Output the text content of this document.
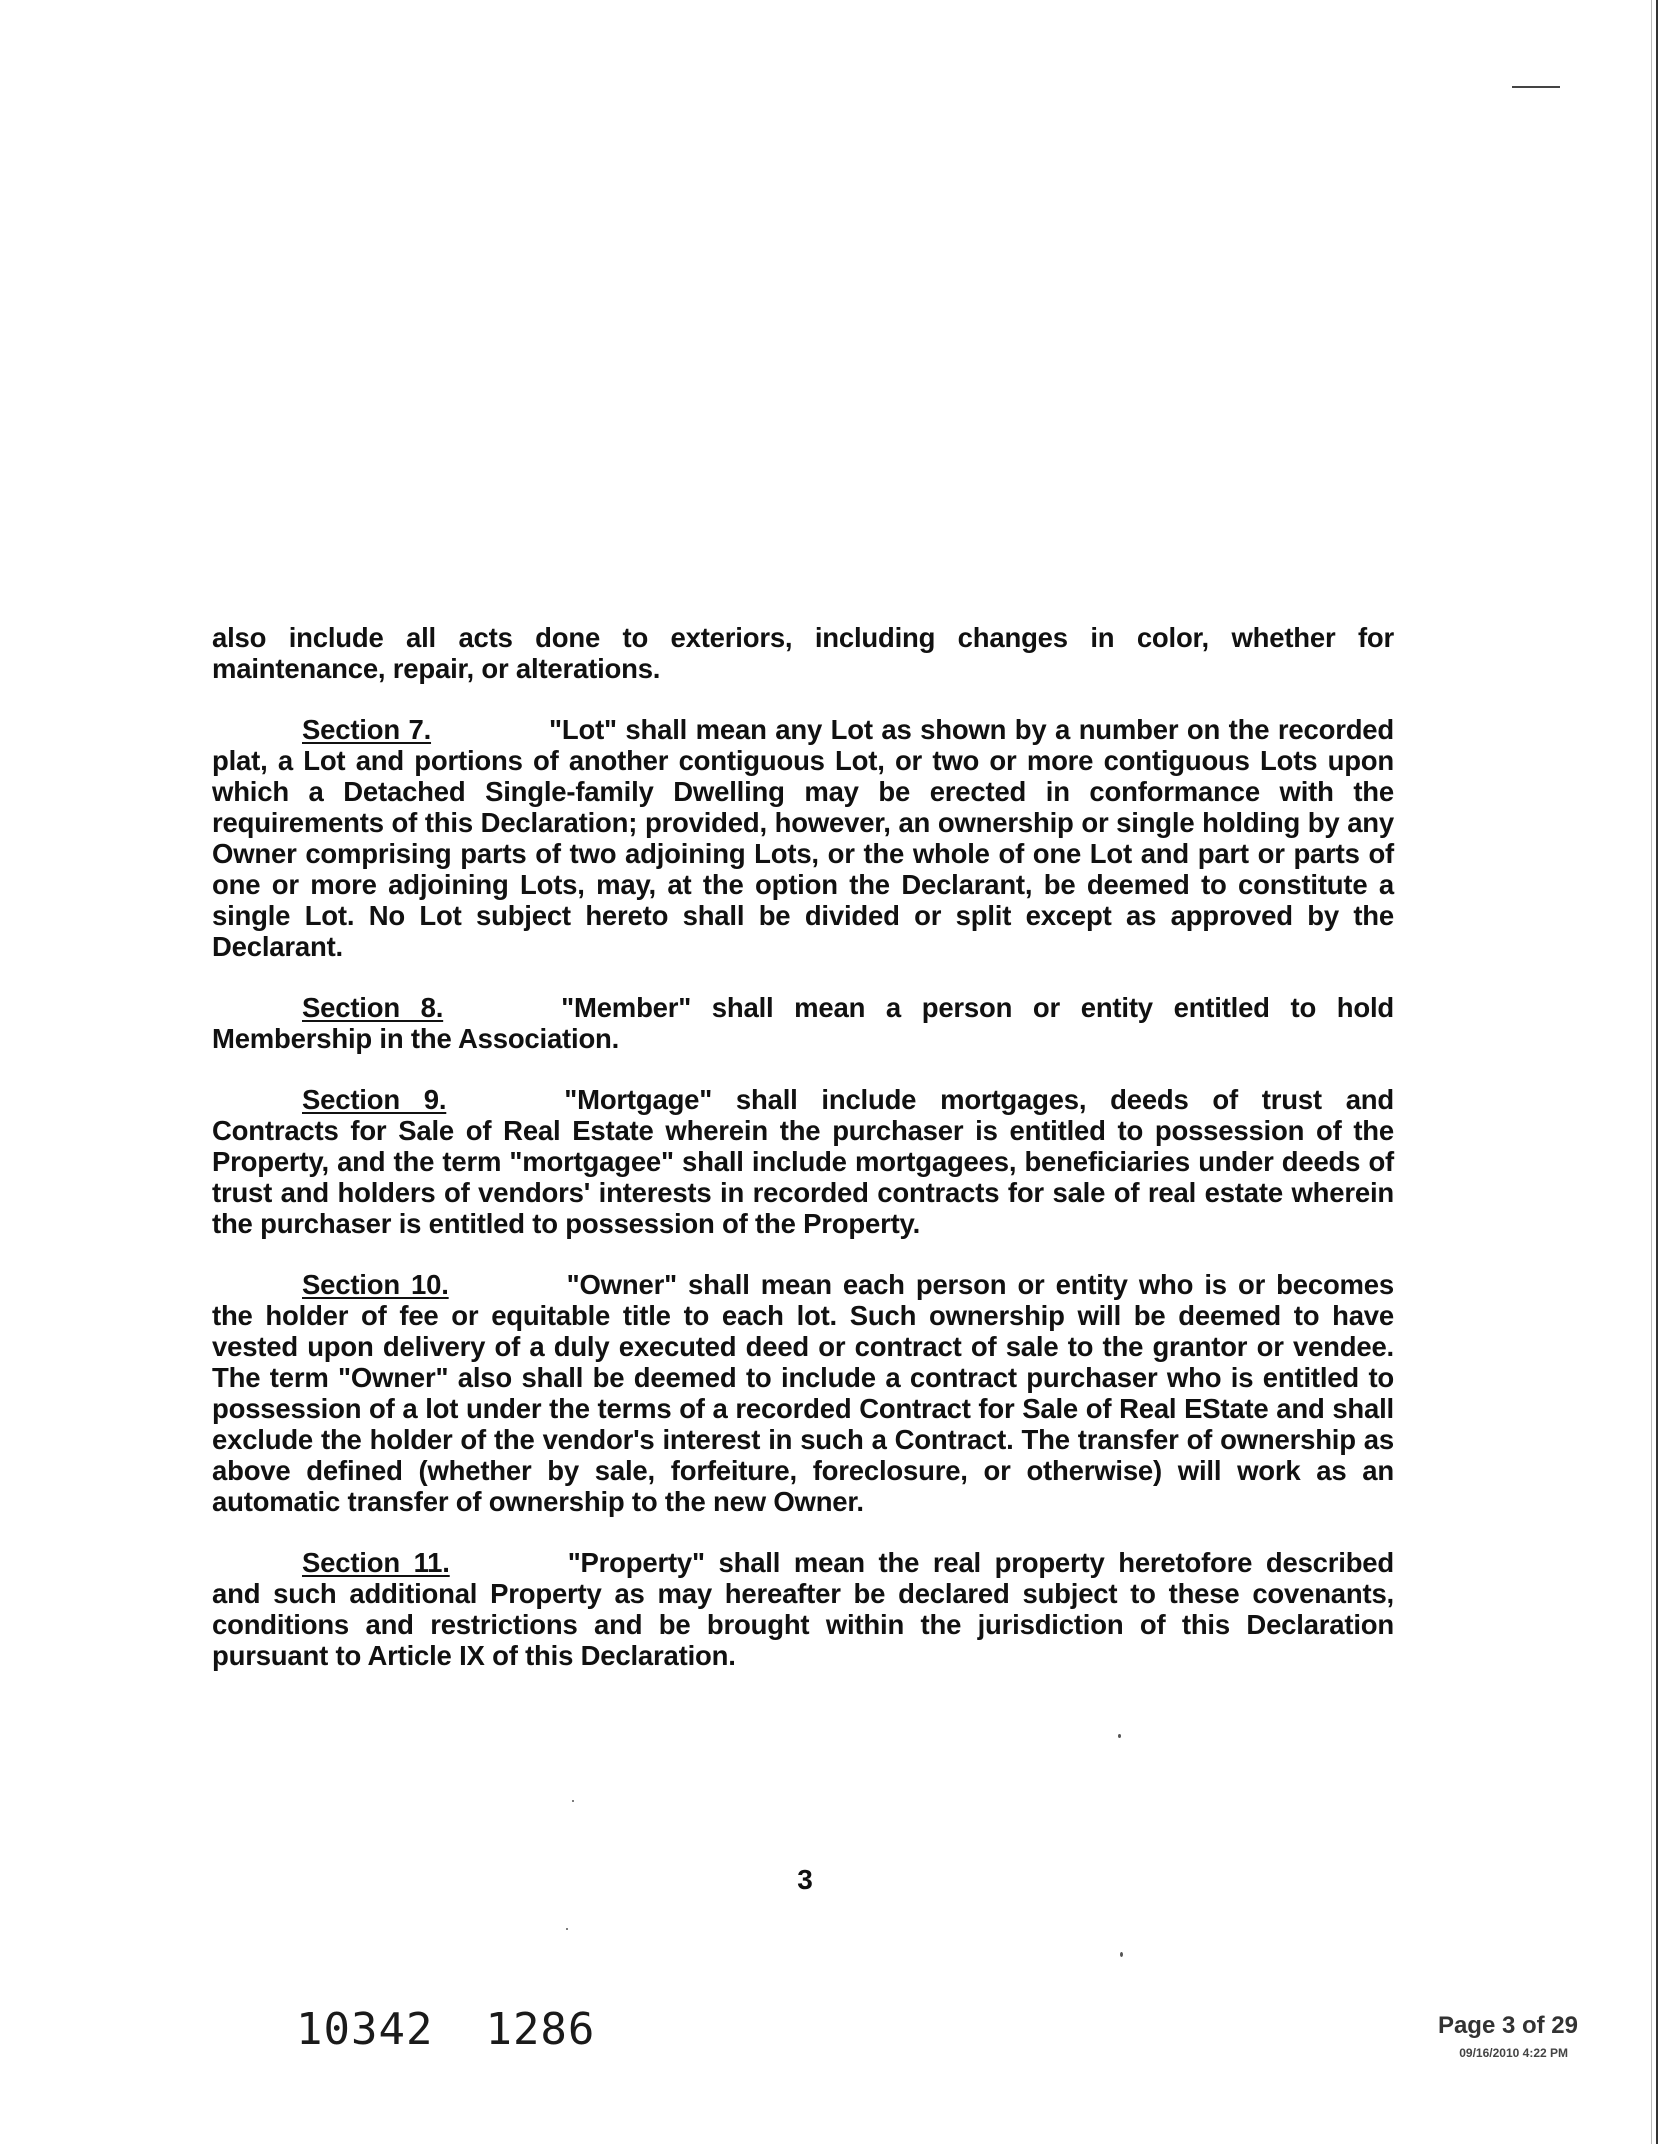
also include all acts done to exteriors, including changes in color, whether for maintenance, repair, or alterations.

Section 7.	"Lot" shall mean any Lot as shown by a number on the recorded plat, a Lot and portions of another contiguous Lot, or two or more contiguous Lots upon which a Detached Single-family Dwelling may be erected in conformance with the requirements of this Declaration; provided, however, an ownership or single holding by any Owner comprising parts of two adjoining Lots, or the whole of one Lot and part or parts of one or more adjoining Lots, may, at the option the Declarant, be deemed to constitute a single Lot. No Lot subject hereto shall be divided or split except as approved by the Declarant.

Section 8.	"Member" shall mean a person or entity entitled to hold Membership in the Association.

Section 9.	"Mortgage" shall include mortgages, deeds of trust and Contracts for Sale of Real Estate wherein the purchaser is entitled to possession of the Property, and the term "mortgagee" shall include mortgagees, beneficiaries under deeds of trust and holders of vendors' interests in recorded contracts for sale of real estate wherein the purchaser is entitled to possession of the Property.

Section 10.	"Owner" shall mean each person or entity who is or becomes the holder of fee or equitable title to each lot. Such ownership will be deemed to have vested upon delivery of a duly executed deed or contract of sale to the grantor or vendee. The term "Owner" also shall be deemed to include a contract purchaser who is entitled to possession of a lot under the terms of a recorded Contract for Sale of Real EState and shall exclude the holder of the vendor's interest in such a Contract. The transfer of ownership as above defined (whether by sale, forfeiture, foreclosure, or otherwise) will work as an automatic transfer of ownership to the new Owner.

Section 11.	"Property" shall mean the real property heretofore described and such additional Property as may hereafter be declared subject to these covenants, conditions and restrictions and be brought within the jurisdiction of this Declaration pursuant to Article IX of this Declaration.

3
10342 1286	Page 3 of 29
09/16/2010 4:22 PM
